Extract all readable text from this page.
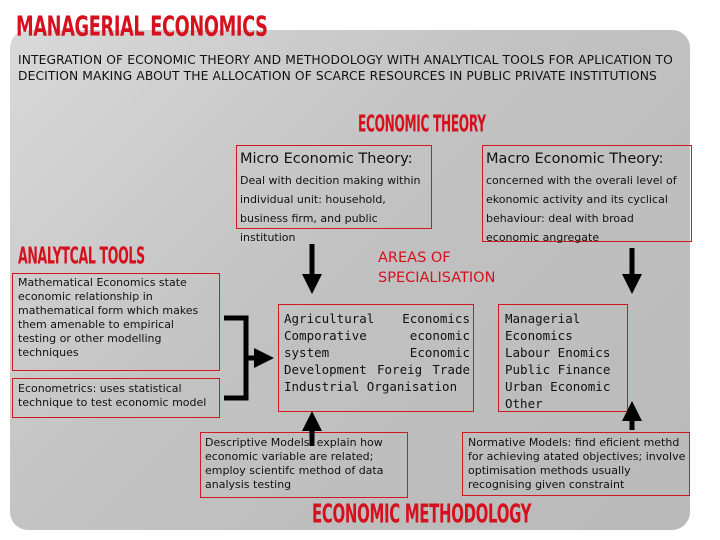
MANAGERIAL ECONOMICS
INTEGRATION OF ECONOMIC THEORY AND METHODOLOGY WITH ANALYTICAL TOOLS FOR APLICATION TO DECITION MAKING ABOUT THE ALLOCATION OF SCARCE RESOURCES IN PUBLIC PRIVATE INSTITUTIONS
ECONOMIC THEORY
Micro Economic Theory: Deal with decition making within individual unit: household, business firm, and public institution
Macro Economic Theory: concerned with the overali level of ekonomic activity and its cyclical behaviour: deal with broad economic angregate
ANALYTCAL TOOLS
Mathematical Economics state economic relationship in mathematical form which makes them amenable to empirical testing or other modelling techniques
Econometrics: uses statistical technique to test economic model
AREAS OF SPECIALISATION
Agricultural Economics Comporative economic system Economic Development Foreig Trade Industrial Organisation
Managerial Economics Labour Enomics Public Finance Urban Economic Other
Descriptive Models: explain how economic variable are related; employ scientifc method of data analysis testing
Normative Models: find eficient methd for achieving atated objectives; involve optimisation methods usually recognising given constraint
ECONOMIC METHODOLOGY
